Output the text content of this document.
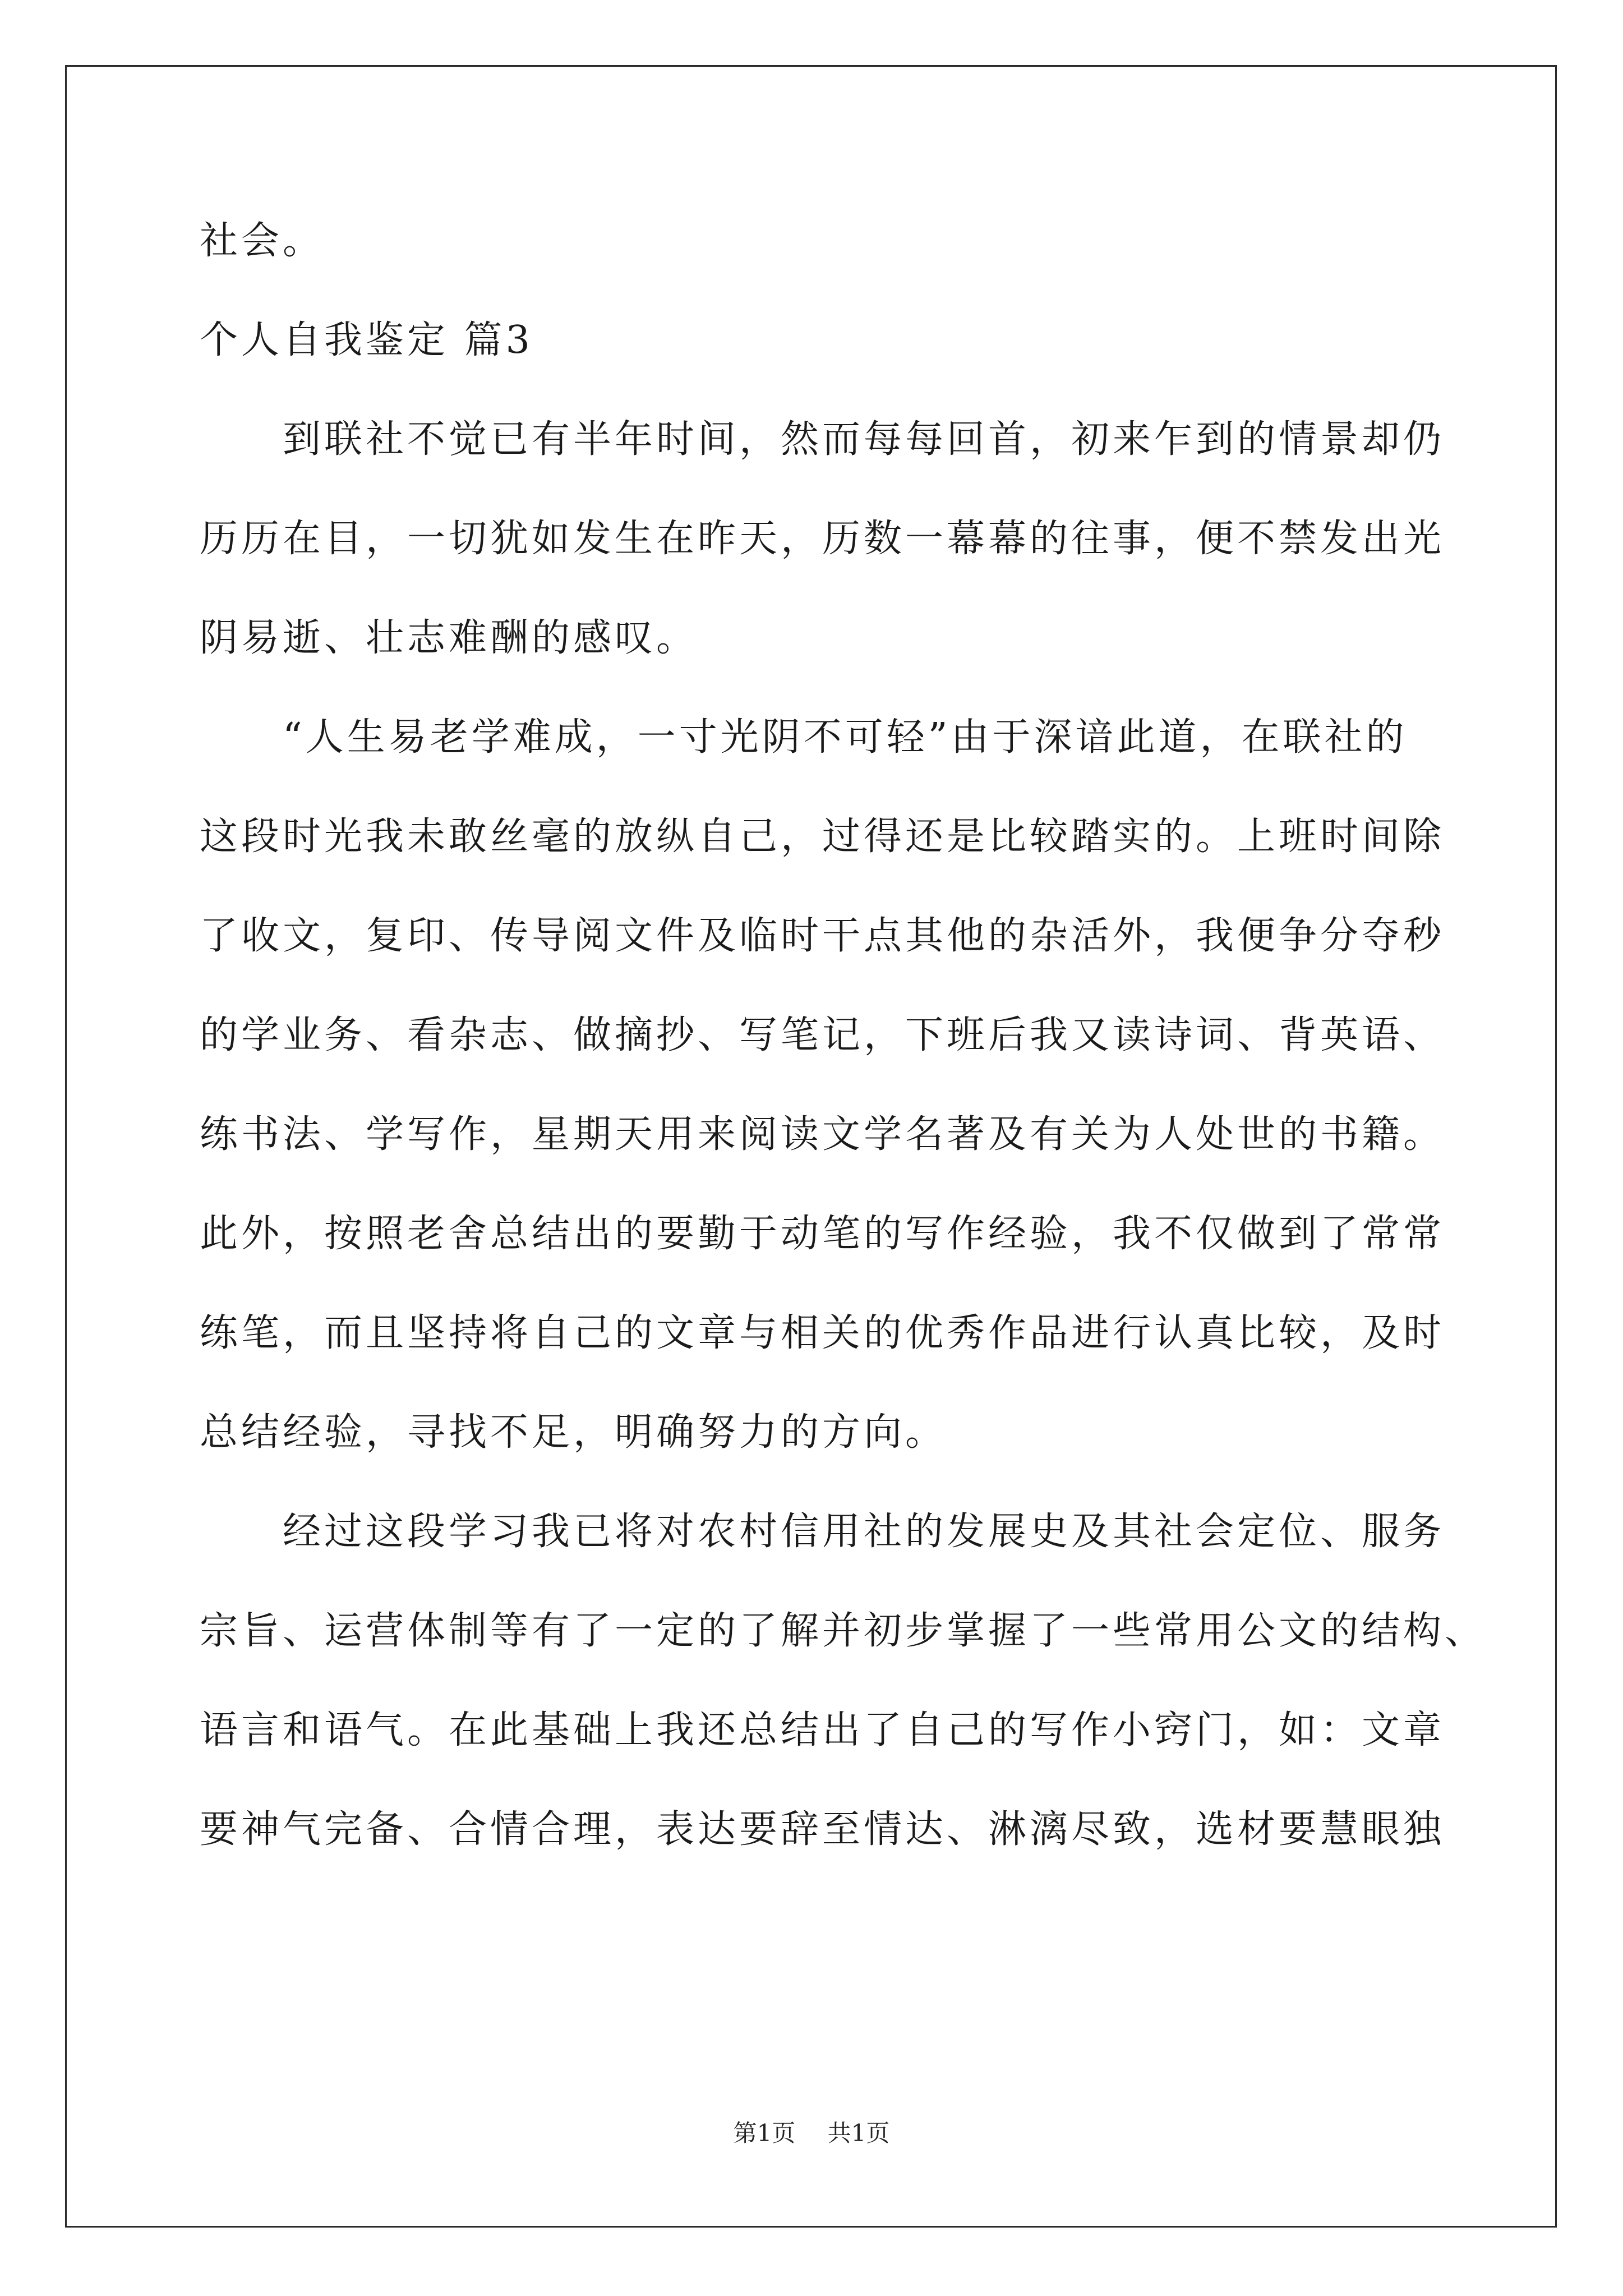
社会。
个人自我鉴定 篇3
　　到联社不觉已有半年时间，然而每每回首，初来乍到的情景却仍
历历在目，一切犹如发生在昨天，历数一幕幕的往事，便不禁发出光
阴易逝、壮志难酬的感叹。
　　“人生易老学难成，一寸光阴不可轻”由于深谙此道，在联社的
这段时光我未敢丝毫的放纵自己，过得还是比较踏实的。上班时间除
了收文，复印、传导阅文件及临时干点其他的杂活外，我便争分夺秒
的学业务、看杂志、做摘抄、写笔记，下班后我又读诗词、背英语、
练书法、学写作，星期天用来阅读文学名著及有关为人处世的书籍。
此外，按照老舍总结出的要勤于动笔的写作经验，我不仅做到了常常
练笔，而且坚持将自己的文章与相关的优秀作品进行认真比较，及时
总结经验，寻找不足，明确努力的方向。
　　经过这段学习我已将对农村信用社的发展史及其社会定位、服务
宗旨、运营体制等有了一定的了解并初步掌握了一些常用公文的结构、
语言和语气。在此基础上我还总结出了自己的写作小窍门，如：文章
要神气完备、合情合理，表达要辞至情达、淋漓尽致，选材要慧眼独
第1页 共1页
